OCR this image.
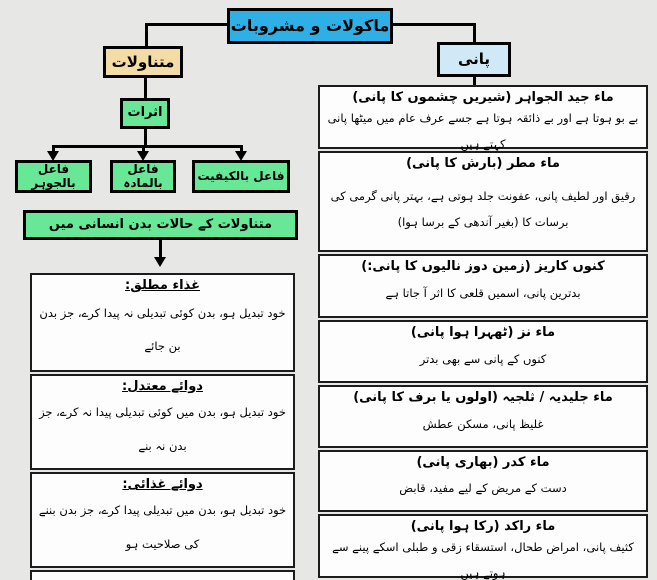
ماکولات و مشروبات
متناولات
اثرات
فاعل بالجوہر
فاعل بالمادہ	فاعل بالکیفیت
متناولات کے حالات بدن انسانی میں
غذاء مطلق:
خود تبدیل ہو، بدن کوئی تبدیلی نہ پیدا کرے، جز بدن بن جائے
دوائے معتدل:
خود تبدیل ہو، بدن میں کوئی تبدیلی پیدا نہ کرے، جز بدن نہ بنے
دوائے غذائی:
خود تبدیل ہو، بدن میں تبدیلی پیدا کرے، جز بدن بننے کی صلاحیت ہو
پانی
ماء جید الجواہر (شیریں چشموں کا پانی)
بے بو ہوتا ہے اور بے ذائقہ ہوتا ہے جسے عرف عام میں میٹھا پانی کہتے ہیں
ماء مطر (بارش کا پانی)
رقیق اور لطیف پانی، عفونت جلد ہوتی ہے، بہتر پانی گرمی کی برسات کا (بغیر آندھی کے برسا ہوا)
کنوں کاریز (زمین دوز نالیوں کا پانی:)
بدترین پانی، اسمیں قلعی کا اثر آ جاتا ہے
ماء نز (ٹھہرا ہوا پانی)
کنوں کے پانی سے بھی بدتر
ماء جلیدیہ / ثلجیہ (اولوں یا برف کا پانی)
غلیظ پانی، مسکن عطش
ماء کدر (بھاری پانی)
دست کے مریض کے لیے مفید، قابض
ماء راکد (رکا ہوا پانی)
کثیف پانی، امراض طحال، استسقاء زقی و طبلی اسکے پینے سے ہوتے ہیں
